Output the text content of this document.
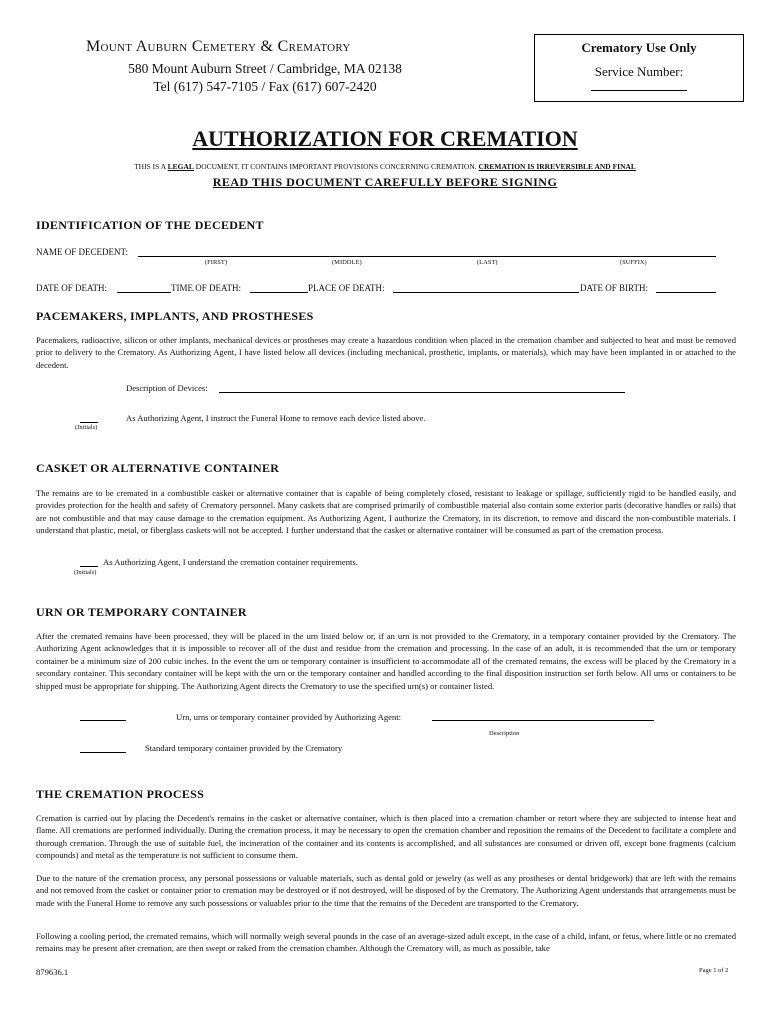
Mount Auburn Cemetery & Crematory
580 Mount Auburn Street / Cambridge, MA 02138
Tel (617) 547-7105 / Fax (617) 607-2420
Crematory Use Only
Service Number:
AUTHORIZATION FOR CREMATION
THIS IS A LEGAL DOCUMENT. IT CONTAINS IMPORTANT PROVISIONS CONCERNING CREMATION. CREMATION IS IRREVERSIBLE AND FINAL
READ THIS DOCUMENT CAREFULLY BEFORE SIGNING
IDENTIFICATION OF THE DECEDENT
NAME OF DECEDENT:
(FIRST)	(MIDDLE)	(LAST)	(SUFFIX)
DATE OF DEATH:	TIME OF DEATH:	PLACE OF DEATH:	DATE OF BIRTH:
PACEMAKERS, IMPLANTS, AND PROSTHESES
Pacemakers, radioactive, silicon or other implants, mechanical devices or prostheses may create a hazardous condition when placed in the cremation chamber and subjected to heat and must be removed prior to delivery to the Crematory. As Authorizing Agent, I have listed below all devices (including mechanical, prosthetic, implants, or materials), which may have been implanted in or attached to the decedent.
Description of Devices:
(Initials)
As Authorizing Agent, I instruct the Funeral Home to remove each device listed above.
CASKET OR ALTERNATIVE CONTAINER
The remains are to be cremated in a combustible casket or alternative container that is capable of being completely closed, resistant to leakage or spillage, sufficiently rigid to be handled easily, and provides protection for the health and safety of Crematory personnel. Many caskets that are comprised primarily of combustible material also contain some exterior parts (decorative handles or rails) that are not combustible and that may cause damage to the cremation equipment. As Authorizing Agent, I authorize the Crematory, in its discretion, to remove and discard the non-combustible materials. I understand that plastic, metal, or fiberglass caskets will not be accepted. I further understand that the casket or alternative container will be consumed as part of the cremation process.
As Authorizing Agent, I understand the cremation container requirements.
(Initials)
URN OR TEMPORARY CONTAINER
After the cremated remains have been processed, they will be placed in the urn listed below or, if an urn is not provided to the Crematory, in a temporary container provided by the Crematory. The Authorizing Agent acknowledges that it is impossible to recover all of the dust and residue from the cremation and processing. In the case of an adult, it is recommended that the urn or temporary container be a minimum size of 200 cubic inches. In the event the urn or temporary container is insufficient to accommodate all of the cremated remains, the excess will be placed by the Crematory in a secondary container. This secondary container will be kept with the urn or the temporary container and handled according to the final disposition instruction set forth below. All urns or containers to be shipped must be appropriate for shipping. The Authorizing Agent directs the Crematory to use the specified urn(s) or container listed.
Urn, urns or temporary container provided by Authorizing Agent:
Description
Standard temporary container provided by the Crematory
THE CREMATION PROCESS
Cremation is carried out by placing the Decedent's remains in the casket or alternative container, which is then placed into a cremation chamber or retort where they are subjected to intense heat and flame. All cremations are performed individually. During the cremation process, it may be necessary to open the cremation chamber and reposition the remains of the Decedent to facilitate a complete and thorough cremation. Through the use of suitable fuel, the incineration of the container and its contents is accomplished, and all substances are consumed or driven off, except bone fragments (calcium compounds) and metal as the temperature is not sufficient to consume them.
Due to the nature of the cremation process, any personal possessions or valuable materials, such as dental gold or jewelry (as well as any prostheses or dental bridgework) that are left with the remains and not removed from the casket or container prior to cremation may be destroyed or if not destroyed, will be disposed of by the Crematory. The Authorizing Agent understands that arrangements must be made with the Funeral Home to remove any such possessions or valuables prior to the time that the remains of the Decedent are transported to the Crematory.
Following a cooling period, the cremated remains, which will normally weigh several pounds in the case of an average-sized adult except, in the case of a child, infant, or fetus, where little or no cremated remains may be present after cremation, are then swept or raked from the cremation chamber. Although the Crematory will, as much as possible, take
879636.1	Page 1 of 2
